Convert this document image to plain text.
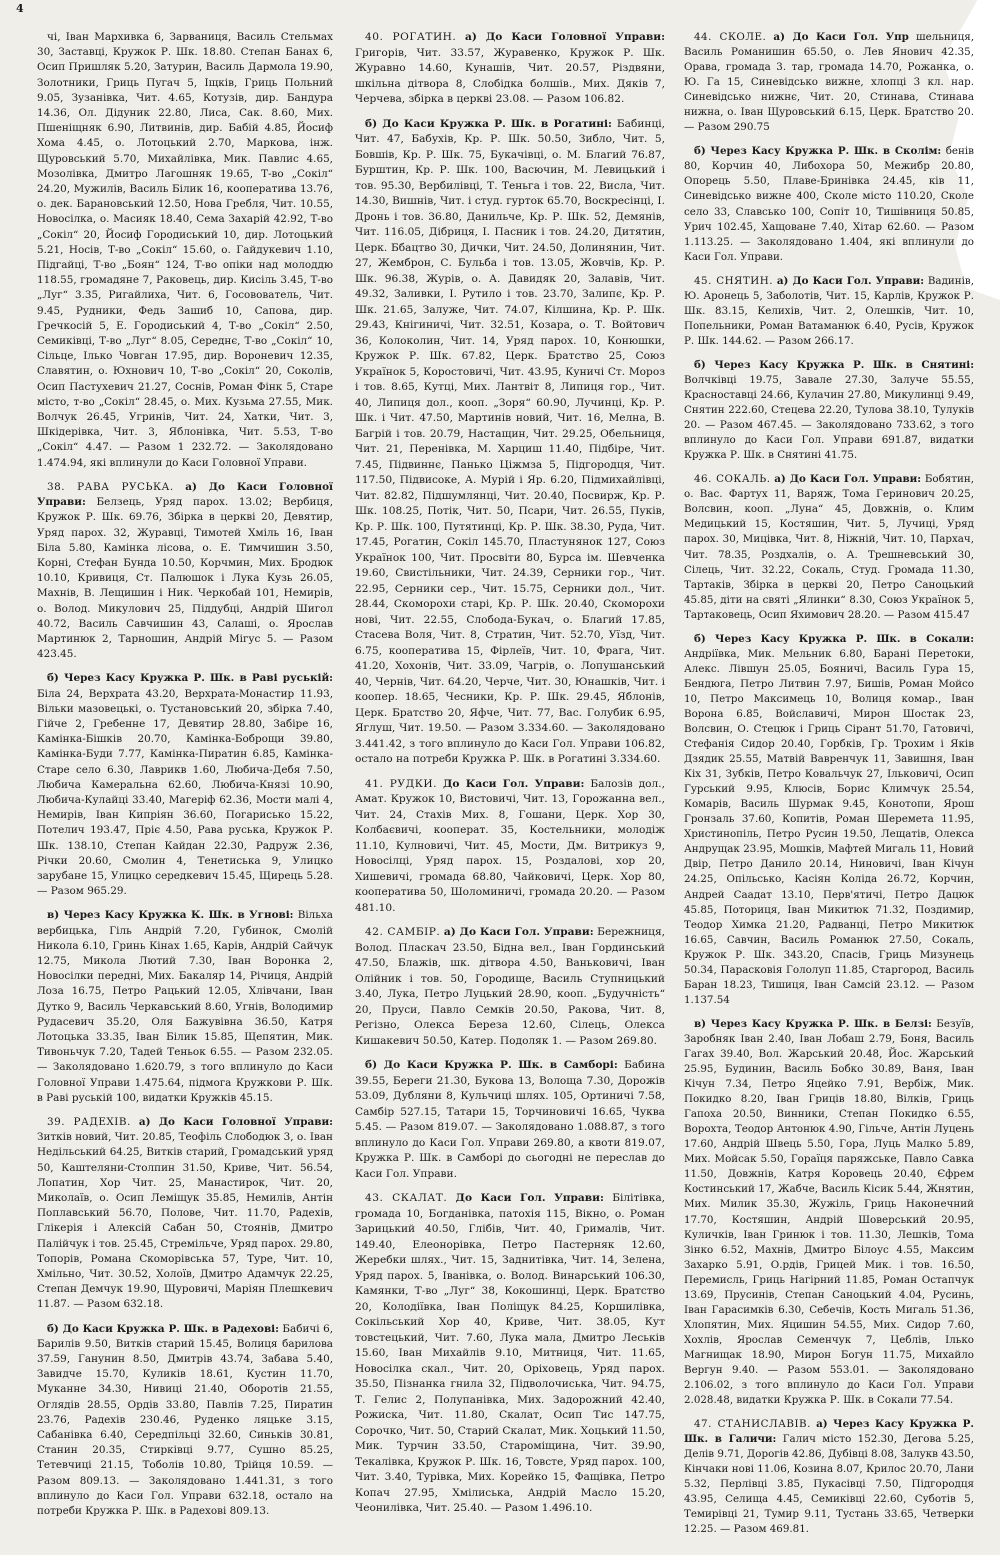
4

чі, Іван Мархивка 6, Зарваниця, Василь Стельмах 30, Заставці, Кружок Р. Шк. 18.80. Степан Банах 6, Осип Пришляк 5.20, Затурин, Василь Дармола 19.90, Золотники, Гриць Пугач 5, Іщків, Гриць Польний 9.05, Зузанівка, Чит. 4.65, Котузів, дир. Бандура 14.36, Ол. Дідуник 22.80, Лиса, Сак. 8.60, Мих. Пшеніщняк 6.90, Литвинів, дир. Бабій 4.85, Йосиф Хома 4.45, о. Лотоцький 2.70, Маркова, інж. Щуровський 5.70, Михайлівка, Мик. Павлис 4.65, Мозолівка, Дмитро Лагошняк 19.65, Т-во „Сокіл“ 24.20, Мужилів, Василь Білик 16, кооператива 13.76, о. дек. Барановський 12.50, Нова Гребля, Чит. 10.55, Новосілка, о. Масияк 18.40, Сема Захарій 42.92, Т-во „Сокіл“ 20, Йосиф Городиський 10, дир. Лотоцький 5.21, Носів, Т-во „Сокіл“ 15.60, о. Гайдукевич 1.10, Підгайці, Т-во „Боян“ 124, Т-во опіки над молоддю 118.55, громадяне 7, Раковець, дир. Кисіль 3.45, Т-во „Луг“ 3.35, Ригайлиха, Чит. 6, Госовователь, Чит. 9.45, Рудники, Федь Зашиб 10, Сапова, дир. Гречкосій 5, Е. Городиський 4, Т-во „Сокіл“ 2.50, Семиківці, Т-во „Луг“ 8.05, Середнє, Т-во „Сокіл“ 10, Сільце, Ілько Човган 17.95, дир. Вороневич 12.35, Славятин, о. Юхнович 10, Т-во „Сокіл“ 20, Соколів, Осип Пастухевич 21.27, Соснів, Роман Фінк 5, Старе місто, т-во „Сокіл“ 28.45, о. Мих. Кузьма 27.55, Мик. Волчук 26.45, Угринів, Чит. 24, Хатки, Чит. 3, Шкідерівка, Чит. 3, Яблонівка, Чит. 5.53, Т-во „Сокіл“ 4.47. — Разом 1 232.72. — Заколядовано 1.474.94, які вплинули до Каси Головної Управи.

38. РАВА РУСЬКА. а) До Каси Головної Управи: Белзець, Уряд парох. 13.02; Вербиця, Кружок Р. Шк. 69.76, Збірка в церкві 20, Девятир, Уряд парох. 32, Журавці, Тимотей Хміль 16, Іван Біла 5.80, Камінка лісова, о. Е. Тимчишин 3.50, Корні, Стефан Бунда 10.50, Корчмин, Мих. Бродюк 10.10, Кривиця, Ст. Палюшок і Лука Кузь 26.05, Махнів, В. Лещишин і Ник. Черкобай 101, Немирів, о. Волод. Микулович 25, Піддубці, Андрій Шигол 40.72, Василь Савчишин 43, Салаші, о. Ярослав Мартинюк 2, Тарношин, Андрій Мігус 5. — Разом 423.45.

б) Через Касу Кружка Р. Шк. в Раві руській: Біла 24, Верхрата 43.20, Верхрата-Монастир 11.93, Вільки мазовецькі, о. Тустановський 20, збірка 7.40, Гійче 2, Гребенне 17, Девятир 28.80, Забіре 16, Камінка-Бішків 20.70, Камінка-Боброщи 39.80, Камінка-Буди 7.77, Камінка-Пиратин 6.85, Камінка-Старе село 6.30, Лаврикв 1.60, Любича-Дебя 7.50, Любича Камеральна 62.60, Любича-Князі 10.90, Любича-Кулайці 33.40, Магеріф 62.36, Мости малі 4, Немирів, Іван Кипріян 36.60, Погарисько 15.22, Потелич 193.47, Пріє 4.50, Рава руська, Кружок Р. Шк. 138.10, Степан Кайдан 22.30, Радруж 2.36, Річки 20.60, Смолин 4, Тенетиська 9, Улицко зарубане 15, Улицко середкевич 15.45, Щирець 5.28. — Разом 965.29.

в) Через Касу Кружка К. Шк. в Угнові: Вільха вербицька, Гіль Андрій 7.20, Губинок, Смолій Никола 6.10, Гринь Кінах 1.65, Карів, Андрій Сайчук 12.75, Микола Лютий 7.30, Іван Воронка 2, Новосілки передні, Мих. Бакаляр 14, Річиця, Андрій Лоза 16.75, Петро Рацький 12.05, Хлівчани, Іван Дутко 9, Василь Черкавський 8.60, Угнів, Володимир Рудасевич 35.20, Оля Бажувівна 36.50, Катря Лотоцька 33.35, Іван Білик 15.85, Щепятин, Мик. Тивоньчук 7.20, Тадей Теньок 6.55. — Разом 232.05. — Заколядовано 1.620.79, з того вплинуло до Каси Головної Управи 1.475.64, підмога Кружкови Р. Шк. в Раві руській 100, видатки Кружків 45.15.

39. РАДЕХІВ. а) До Каси Головної Управи: Зитків новий, Чит. 20.85, Теофіль Слободюк 3, о. Іван Недільський 64.25, Витків старий, Громадський уряд 50, Каштеляни-Столпин 31.50, Криве, Чит. 56.54, Лопатин, Хор Чит. 25, Манастирок, Чит. 20, Миколаїв, о. Осип Леміщук 35.85, Немилів, Антін Поплавський 56.70, Полове, Чит. 11.70, Радехів, Глікерія і Алексій Сабан 50, Стоянів, Дмитро Палійчук і тов. 25.45, Стремільче, Уряд парох. 29.80, Топорів, Романа Скоморівська 57, Туре, Чит. 10, Хмільно, Чит. 30.52, Холоїв, Дмитро Адамчук 22.25, Степан Демчук 19.90, Щуровичі, Маріян Плешкевич 11.87. — Разом 632.18.

б) До Каси Кружка Р. Шк. в Радехові: Бабичі 6, Барилів 9.50, Витків старий 15.45, Волиця барилова 37.59, Ганунин 8.50, Дмитрів 43.74, Забава 5.40, Завидче 15.70, Куликів 18.61, Кустин 11.70, Муканне 34.30, Нивиці 21.40, Оборотів 21.55, Оглядів 28.55, Ордів 33.80, Павлів 7.25, Пиратин 23.76, Радехів 230.46, Руденко ляцьке 3.15, Сабанівка 6.40, Середпільці 32.60, Синьків 30.81, Станин 20.35, Стирківці 9.77, Сушно 85.25, Тетевчиці 21.15, Тоболів 10.80, Трійця 10.59. — Разом 809.13. — Заколядовано 1.441.31, з того вплинуло до Каси Гол. Управи 632.18, остало на потреби Кружка Р. Шк. в Радехові 809.13.

40. РОГАТИН. а) До Каси Головної Управи: Григорів, Чит. 33.57, Журавенко, Кружок Р. Шк. Журавно 14.60, Кунашів, Чит. 20.57, Різдвяни, шкільна дітвора 8, Слобідка болшів., Мих. Дяків 7, Черчева, збірка в церкві 23.08. — Разом 106.82.

б) До Каси Кружка Р. Шк. в Рогатині: Бабинці, Чит. 47, Бабухів, Кр. Р. Шк. 50.50, Зибло, Чит. 5, Бовшів, Кр. Р. Шк. 75, Букачівці, о. М. Благий 76.87, Бурштин, Кр. Р. Шк. 100, Васючин, М. Левицький і тов. 95.30, Вербилівці, Т. Теньга і тов. 22, Висла, Чит. 14.30, Вишнів, Чит. і студ. гурток 65.70, Воскресінці, І. Дронь і тов. 36.80, Данильче, Кр. Р. Шк. 52, Демянів, Чит. 116.05, Дібриця, І. Пасник і тов. 24.20, Дитятин, Церк. Ббацтво 30, Дички, Чит. 24.50, Долинянин, Чит. 27, Жемброн, С. Бульба і тов. 13.05, Жовчів, Кр. Р. Шк. 96.38, Журів, о. А. Давидяк 20, Залавів, Чит. 49.32, Заливки, І. Рутило і тов. 23.70, Залипє, Кр. Р. Шк. 21.65, Залуже, Чит. 74.07, Кілшина, Кр. Р. Шк. 29.43, Кнігиничі, Чит. 32.51, Козара, о. Т. Войтович 36, Колоколин, Чит. 14, Уряд парох. 10, Конюшки, Кружок Р. Шк. 67.82, Церк. Братство 25, Союз Українок 5, Коростовичі, Чит. 43.95, Куничі Ст. Мороз і тов. 8.65, Кутці, Мих. Лантвіт 8, Липиця гор., Чит. 40, Липиця дол., кооп. „Зоря“ 60.90, Лучинці, Кр. Р. Шк. і Чит. 47.50, Мартинів новий, Чит. 16, Мелна, В. Багрій і тов. 20.79, Настащин, Чит. 29.25, Обельниця, Чит. 21, Перенівка, М. Харциш 11.40, Підбіре, Чит. 7.45, Підвиннє, Панько Ціжмза 5, Підгородця, Чит. 117.50, Підвисоке, А. Мурій і Яр. 6.20, Підмихайлівці, Чит. 82.82, Підшумлянці, Чит. 20.40, Посвирж, Кр. Р. Шк. 108.25, Потік, Чит. 50, Псари, Чит. 26.55, Пуків, Кр. Р. Шк. 100, Путятинці, Кр. Р. Шк. 38.30, Руда, Чит. 17.45, Рогатин, Сокіл 145.70, Пластунянок 127, Союз Українок 100, Чит. Просвіти 80, Бурса ім. Шевченка 19.60, Свистільники, Чит. 24.39, Серники гор., Чит. 22.95, Серники сер., Чит. 15.75, Серники дол., Чит. 28.44, Скоморохи старі, Кр. Р. Шк. 20.40, Скоморохи нові, Чит. 22.55, Слобода-Букач, о. Благий 17.85, Стасева Воля, Чит. 8, Стратин, Чит. 52.70, Уїзд, Чит. 6.75, кооператива 15, Фірлеїв, Чит. 10, Фрага, Чит. 41.20, Хохонів, Чит. 33.09, Чагрів, о. Лопушанський 40, Чернів, Чит. 64.20, Черче, Чит. 30, Юнашків, Чит. і коопер. 18.65, Чесники, Кр. Р. Шк. 29.45, Яблонів, Церк. Братство 20, Яфче, Чит. 77, Вас. Голубик 6.95, Яглуш, Чит. 19.50. — Разом 3.334.60. — Заколядовано 3.441.42, з того вплинуло до Каси Гол. Управи 106.82, остало на потреби Кружка Р. Шк. в Рогатині 3.334.60.

41. РУДКИ. До Каси Гол. Управи: Балозів дол., Амат. Кружок 10, Вистовичі, Чит. 13, Горожанна вел., Чит. 24, Стахів Мих. 8, Гошани, Церк. Хор 30, Колбаєвичі, кооперат. 35, Костельники, молодіж 11.10, Кулновичі, Чит. 45, Мости, Дм. Витрикуз 9, Новосілці, Уряд парох. 15, Роздалові, хор 20, Хишевичі, громада 68.80, Чайковичі, Церк. Хор 80, кооператива 50, Шоломиничі, громада 20.20. — Разом 481.10.

42. САМБІР. а) До Каси Гол. Управи: Бережниця, Волод. Пласкач 23.50, Бідна вел., Іван Гординський 47.50, Блажів, шк. дітвора 4.50, Ваньковичі, Іван Олійник і тов. 50, Городище, Василь Ступницький 3.40, Лука, Петро Луцький 28.90, кооп. „Будучність“ 20, Пруси, Павло Семків 20.50, Ракова, Чит. 8, Регізно, Олекса Береза 12.60, Сілець, Олекса Кишакевич 50.50, Катер. Подоляк 1. — Разом 269.80.

б) До Каси Кружка Р. Шк. в Самборі: Бабина 39.55, Береги 21.30, Букова 13, Волоща 7.30, Дорожів 53.09, Дубляни 8, Кульчиці шлях. 105, Ортиничі 7.58, Самбір 527.15, Татари 15, Торчиновичі 16.65, Чуква 5.45. — Разом 819.07. — Заколядовано 1.088.87, з того вплинуло до Каси Гол. Управи 269.80, а квоти 819.07, Кружка Р. Шк. в Самборі до сьогодні не переслав до Каси Гол. Управи.

43. СКАЛАТ. До Каси Гол. Управи: Білітівка, громада 10, Богданівка, патохія 115, Вікно, о. Роман Зарицький 40.50, Глібів, Чит. 40, Грималів, Чит. 149.40, Елеонорівка, Петро Пастерняк 12.60, Жеребки шлях., Чит. 15, Заднитівка, Чит. 14, Зелена, Уряд парох. 5, Іванівка, о. Волод. Винарський 106.30, Камянки, Т-во „Луг“ 38, Кокошинці, Церк. Братство 20, Колодіївка, Іван Поліщук 84.25, Коршилівка, Сокільський Хор 40, Криве, Чит. 38.05, Кут товстецький, Чит. 7.60, Лука мала, Дмитро Леськів 15.60, Іван Михайлів 9.10, Митниця, Чит. 11.65, Новосілка скал., Чит. 20, Оріховець, Уряд парох. 35.50, Пізнанка гнила 32, Підволочиська, Чит. 94.75, Т. Гелис 2, Полупанівка, Мих. Задорожний 42.40, Рожиска, Чит. 11.80, Скалат, Осип Тис 147.75, Сорочко, Чит. 50, Старий Скалат, Мик. Хоцький 11.50, Мик. Турчин 33.50, Староміщина, Чит. 39.90, Текалівка, Кружок Р. Шк. 16, Товсте, Уряд парох. 100, Чит. 3.40, Турівка, Мих. Корейко 15, Фащівка, Петро Копач 27.95, Хмілиська, Андрій Масло 15.20, Чеонилівка, Чит. 25.40. — Разом 1.496.10.

44. СКОЛЕ. а) До Каси Гол. Упр шельниця, Василь Романишин 65.50, о. Лев Янович 42.35, Орава, громада 3. тар, громада 14.70, Рожанка, о. Ю. Га 15, Синевідсько вижне, хлопці 3 кл. нар. Синевідсько нижнє, Чит. 20, Стинава, Стинава нижна, о. Іван Щуровський 6.15, Церк. Братство 20. — Разом 290.75

б) Через Касу Кружка Р. Шк. в Сколім: бенів 80, Корчин 40, Либохора 50, Межибр 20.80, Опорець 5.50, Плаве-Бринівка 24.45, ків 11, Синевідсько вижне 400, Сколе місто 110.20, Сколе село 33, Славсько 100, Сопіт 10, Тишівниця 50.85, Урич 102.45, Хащоване 7.40, Хітар 62.60. — Разом 1.113.25. — Заколядовано 1.404, які вплинули до Каси Гол. Управи.

45. СНЯТИН. а) До Каси Гол. Управи: Вадинів, Ю. Аронець 5, Заболотів, Чит. 15, Карлів, Кружок Р. Шк. 83.15, Келихів, Чит. 2, Олешків, Чит. 10, Попельники, Роман Ватаманюк 6.40, Русів, Кружок Р. Шк. 144.62. — Разом 266.17.

б) Через Касу Кружка Р. Шк. в Снятині: Волчківці 19.75, Завале 27.30, Залуче 55.55, Красноставці 24.66, Кулачин 27.80, Микулинці 9.49, Снятин 222.60, Стецева 22.20, Тулова 38.10, Тулуків 20. — Разом 467.45. — Заколядовано 733.62, з того вплинуло до Каси Гол. Управи 691.87, видатки Кружка Р. Шк. в Снятині 41.75.

46. СОКАЛЬ. а) До Каси Гол. Управи: Бобятин, о. Вас. Фартух 11, Варяж, Тома Геринович 20.25, Волсвин, кооп. „Луна“ 45, Довжнів, о. Клим Медицький 15, Костяшин, Чит. 5, Лучиці, Уряд парох. 30, Мицівка, Чит. 8, Ніжній, Чит. 10, Пархач, Чит. 78.35, Роздхалів, о. А. Трешневський 30, Сілець, Чит. 32.22, Сокаль, Студ. Громада 11.30, Тартаків, Збірка в церкві 20, Петро Саноцький 45.85, діти на святі „Ялинки“ 8.30, Союз Українок 5, Тартаковець, Осип Яхимович 28.20. — Разом 415.47

б) Через Касу Кружка Р. Шк. в Сокали: Андріївка, Мик. Мельник 6.80, Барані Перетоки, Алекс. Лівшун 25.05, Бояничі, Василь Гура 15, Бендюга, Петро Литвин 7.97, Бишів, Роман Мойсо 10, Петро Максимець 10, Волиця комар., Іван Ворона 6.85, Войславичі, Мирон Шостак 23, Волсвин, О. Стецюк і Гриць Сірант 51.70, Гатовичі, Стефанія Сидор 20.40, Горбків, Гр. Трохим і Яків Дзядик 25.55, Матвій Вавренчук 11, Завишня, Іван Кіх 31, Зубків, Петро Ковальчук 27, Ільковичі, Осип Гурський 9.95, Клюсів, Борис Климчук 25.54, Комарів, Василь Шурмак 9.45, Конотопи, Ярош Гронзаль 37.60, Копитів, Роман Шеремета 11.95, Христинопіль, Петро Русин 19.50, Лещатів, Олекса Андрущак 23.95, Мошків, Мафтей Мигаль 11, Новий Двір, Петро Данило 20.14, Ниновичі, Іван Кічун 24.25, Опільсько, Касіян Колідa 26.72, Корчин, Андрей Саадат 13.10, Перв'ятичі, Петро Дацюк 45.85, Поториця, Іван Микитюк 71.32, Поздимир, Теодор Химка 21.20, Радванці, Петро Микитюк 16.65, Савчин, Василь Романюк 27.50, Сокаль, Кружок Р. Шк. 343.20, Спасів, Гриць Мизунець 50.34, Парасковія Гололуп 11.85, Старгород, Василь Баран 18.23, Тишиця, Іван Самсій 23.12. — Разом 1.137.54

в) Через Касу Кружка Р. Шк. в Белзі: Безуїв, Заробняк Іван 2.40, Іван Лобаш 2.79, Боня, Василь Гагах 39.40, Вол. Жарський 20.48, Йос. Жарський 25.95, Будинин, Василь Бобко 30.89, Ваня, Іван Кічун 7.34, Петро Яцейко 7.91, Вербіж, Мик. Покидко 8.20, Іван Гриців 18.80, Вілків, Гриць Гапоха 20.50, Винники, Степан Покидко 6.55, Ворохта, Теодор Антонюк 4.90, Гільче, Антін Луцень 17.60, Андрій Швець 5.50, Гора, Луць Малко 5.89, Мих. Мойсак 5.50, Гораїця паряжське, Павло Савка 11.50, Довжнів, Катря Коровець 20.40, Єфрем Костинський 17, Жабче, Василь Кісик 5.44, Жнятин, Мих. Милик 35.30, Жужіль, Гриць Наконечний 17.70, Костяшин, Андрій Шоверський 20.95, Куличків, Іван Гринюк і тов. 11.30, Лешків, Тома Зінко 6.52, Махнів, Дмитро Білоус 4.55, Максим Захарко 5.91, О.рдів, Грицей Мик. і тов. 16.50, Перемисль, Гриць Нагірний 11.85, Роман Остапчук 13.69, Прусинів, Степан Саноцький 4.04, Русинь, Іван Гарасимків 6.30, Себечів, Кость Мигаль 51.36, Хлопятин, Мих. Яцишин 54.55, Мих. Сидор 7.60, Хохлів, Ярослав Семенчук 7, Цеблів, Ілько Магнищак 18.90, Мирон Богун 11.75, Михайло Вергун 9.40. — Разом 553.01. — Заколядовано 2.106.02, з того вплинуло до Каси Гол. Управи 2.028.48, видатки Кружка Р. Шк. в Сокали 77.54.

47. СТАНИСЛАВІВ. а) Через Касу Кружка Р. Шк. в Галичи: Галич місто 152.30, Дегова 5.25, Делів 9.71, Дорогів 42.86, Дубівці 8.08, Залукв 43.50, Кінчаки нові 11.06, Козина 8.07, Крилос 20.70, Лани 5.32, Перлівці 3.85, Пукасівці 7.50, Підгородця 43.95, Селища 4.45, Семиківці 22.60, Суботів 5, Темирівці 21, Тумир 9.11, Тустань 33.65, Четверки 12.25. — Разом 469.81.
